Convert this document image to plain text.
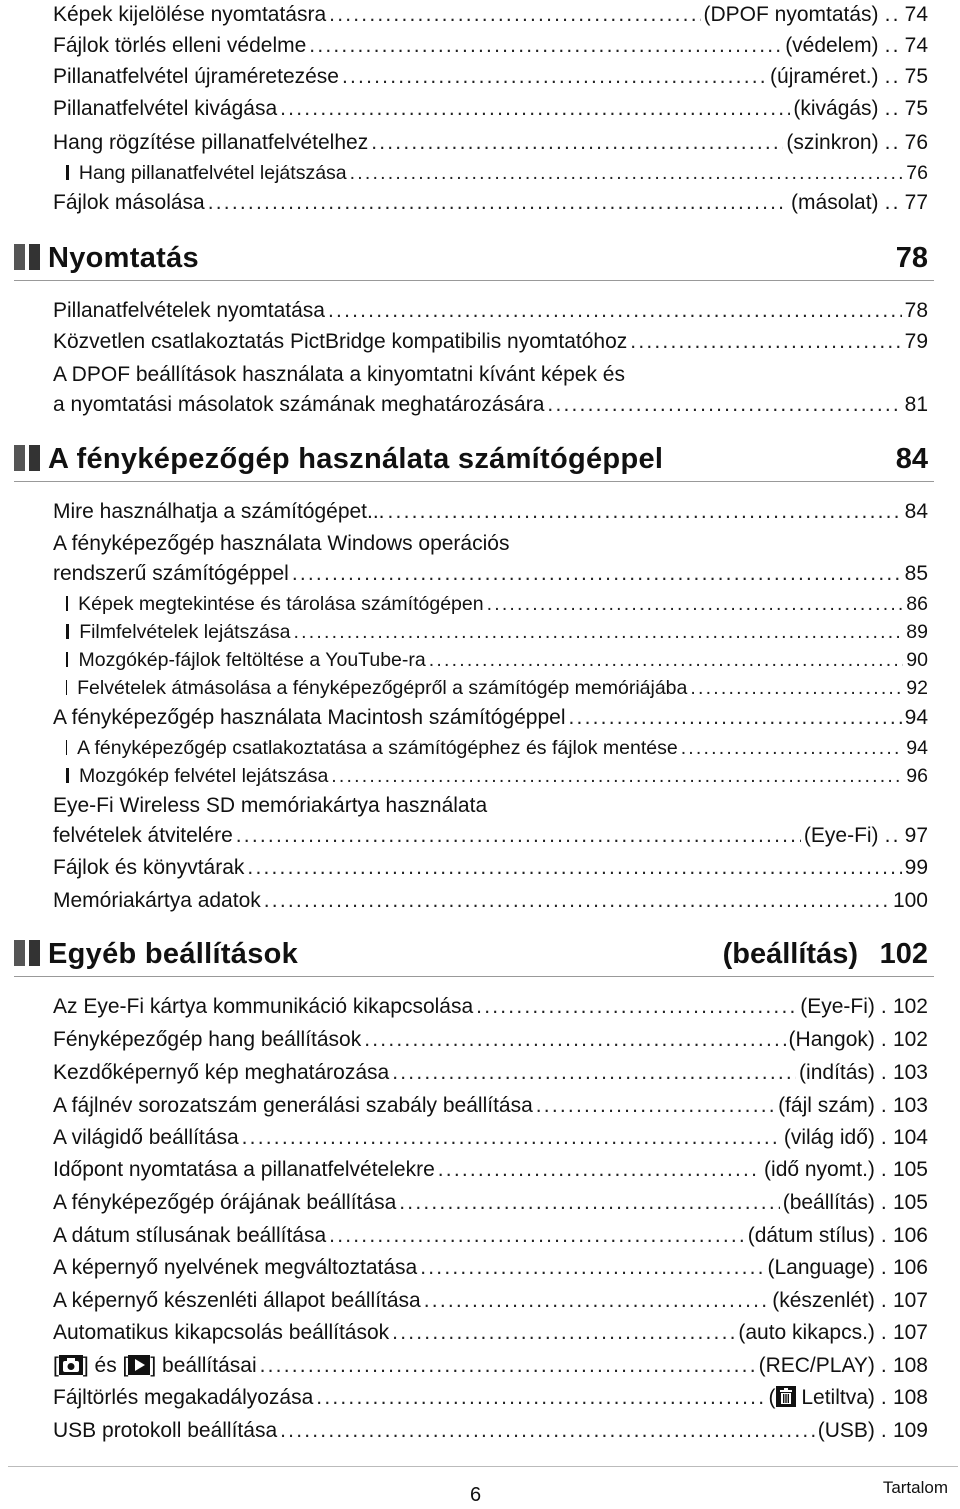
Képek kijelölése nyomtatásra .....	(DPOF nyomtatás) .. 74
Fájlok törlés elleni védelme .....	(védelem) .. 74
Pillanatfelvétel újraméretezése .....	(újraméret.) .. 75
Pillanatfelvétel kivágása .....	(kivágás) .. 75
Hang rögzítése pillanatfelvételhez .....	(szinkron) .. 76
Hang pillanatfelvétel lejátszása .....	76
Fájlok másolása .....	(másolat) .. 77
Nyomtatás	78
Pillanatfelvételek nyomtatása .....	78
Közvetlen csatlakoztatás PictBridge kompatibilis nyomtatóhoz .....	79
A DPOF beállítások használata a kinyomtatni kívánt képek és
a nyomtatási másolatok számának meghatározására .....	81
A fényképezőgép használata számítógéppel	84
Mire használhatja a számítógépet... .....	84
A fényképezőgép használata Windows operációs
rendszerű számítógéppel .....	85
Képek megtekintése és tárolása számítógépen .....	86
Filmfelvételek lejátszása .....	89
Mozgókép-fájlok feltöltése a YouTube-ra .....	90
Felvételek átmásolása a fényképezőgépről a számítógép memóriájába .....	92
A fényképezőgép használata Macintosh számítógéppel .....	94
A fényképezőgép csatlakoztatása a számítógéphez és fájlok mentése .....	94
Mozgókép felvétel lejátszása .....	96
Eye-Fi Wireless SD memóriakártya használata
felvételek átvitelére .....	(Eye-Fi) .. 97
Fájlok és könyvtárak .....	99
Memóriakártya adatok .....	100
Egyéb beállítások	(beállítás) 102
Az Eye-Fi kártya kommunikáció kikapcsolása .....	(Eye-Fi) . 102
Fényképezőgép hang beállítások .....	(Hangok) . 102
Kezdőképernyő kép meghatározása .....	(indítás) . 103
A fájlnév sorozatszám generálási szabály beállítása .....	(fájl szám) . 103
A világidő beállítása .....	(világ idő) . 104
Időpont nyomtatása a pillanatfelvételekre .....	(idő nyomt.) . 105
A fényképezőgép órájának beállítása .....	(beállítás) . 105
A dátum stílusának beállítása .....	(dátum stílus) . 106
A képernyő nyelvének megváltoztatása .....	(Language) . 106
A képernyő készenléti állapot beállítása .....	(készenlét) . 107
Automatikus kikapcsolás beállítások .....	(auto kikapcs.) . 107
[ ] és [ ] beállításai .....	(REC/PLAY) . 108
Fájltörlés megakadályozása .....	( Letiltva) . 108
USB protokoll beállítása .....	(USB) . 109
6	Tartalom
